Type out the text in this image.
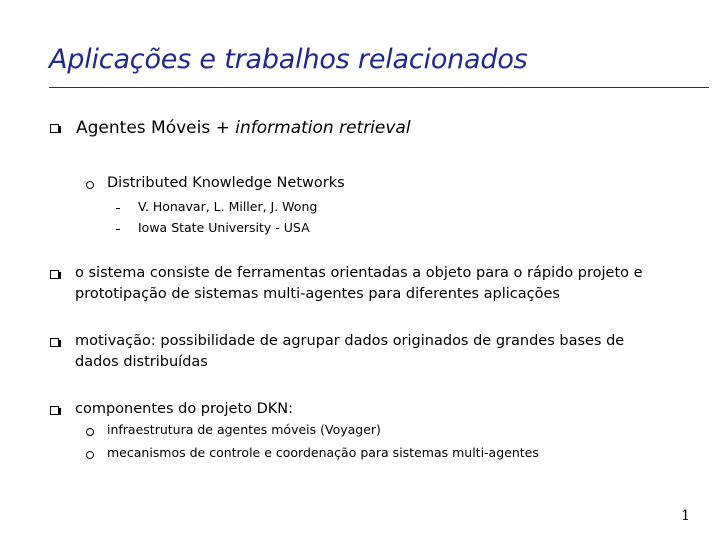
Aplicações e trabalhos relacionados
Agentes Móveis + information retrieval
Distributed Knowledge Networks
V. Honavar, L. Miller, J. Wong
Iowa State University - USA
o sistema consiste de ferramentas orientadas a objeto para o rápido projeto e prototipação de sistemas multi-agentes para diferentes aplicações
motivação: possibilidade de agrupar dados originados de grandes bases de dados distribuídas
componentes do projeto DKN:
infraestrutura de agentes móveis (Voyager)
mecanismos de controle e coordenação para sistemas multi-agentes
1
